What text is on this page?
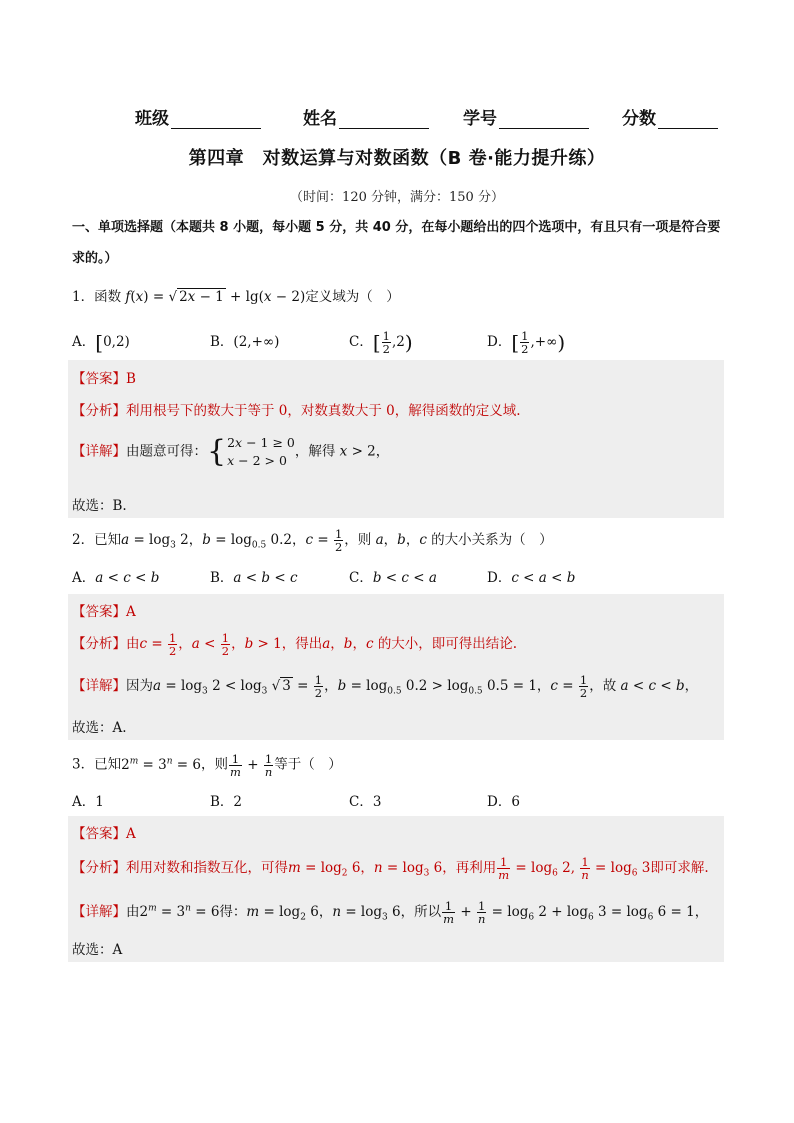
班级	姓名	学号	分数
第四章　对数运算与对数函数（B 卷·能力提升练）
（时间：120 分钟，满分：150 分）
一、单项选择题（本题共 8 小题，每小题 5 分，共 40 分，在每小题给出的四个选项中，有且只有一项是符合要求的。）
1．函数 f(x) = √ 2x − 1 + lg(x − 2)定义域为（　）
A．[0,2)	B．(2,+∞)	C．[ $\frac{1}{2} ,2$)	D．[ $\frac{1}{2}$ ,+∞)
【答案】B
【分析】利用根号下的数大于等于 0，对数真数大于 0，解得函数的定义域.
【详解】由题意可得：{2x − 1 ≥ 0
x − 2 > 0，解得 x > 2，
故选：B.
2．已知$a = \log_3 2$，$b = \log_{0.5} 0.2$，$c = \frac{1}{2}$ ，则 a，b，c 的大小关系为（　）
A．a < c < b	B．a < b < c	C．b < c < a	D．c < a < b
【答案】A
【分析】由$c = \frac{1}{2}$ ，$a < \frac{1}{2}$ ，b > 1，得出a，b，c 的大小，即可得出结论.
【详解】因为$a = \log_3 2 < \log_3$ √ $3 = \frac{1}{2}$ ，$b = \log_{0.5} 0.2 > \log_{0.5} 0.5 = 1$，$c = \frac{1}{2}$ ，故 a < c < b，
故选：A.
3．已知$2^m = 3^n = 6$，则 $\frac{1}{m} + \frac{1}{n}$ 等于（　）
A．1	B．2	C．3	D．6
【答案】A
【分析】利用对数和指数互化，可得$m = \log_2 6$，$n = \log_3 6$，再利用 $\frac{1}{m} = \log_6 2$, $\frac{1}{n} = \log_6 3$即可求解.
【详解】由$2^m = 3^n = 6$得：$m = \log_2 6$，$n = \log_3 6$，所以 $\frac{1}{m} + \frac{1}{n} = \log_6 2 + \log_6 3 = \log_6 6 = 1$，
故选：A
